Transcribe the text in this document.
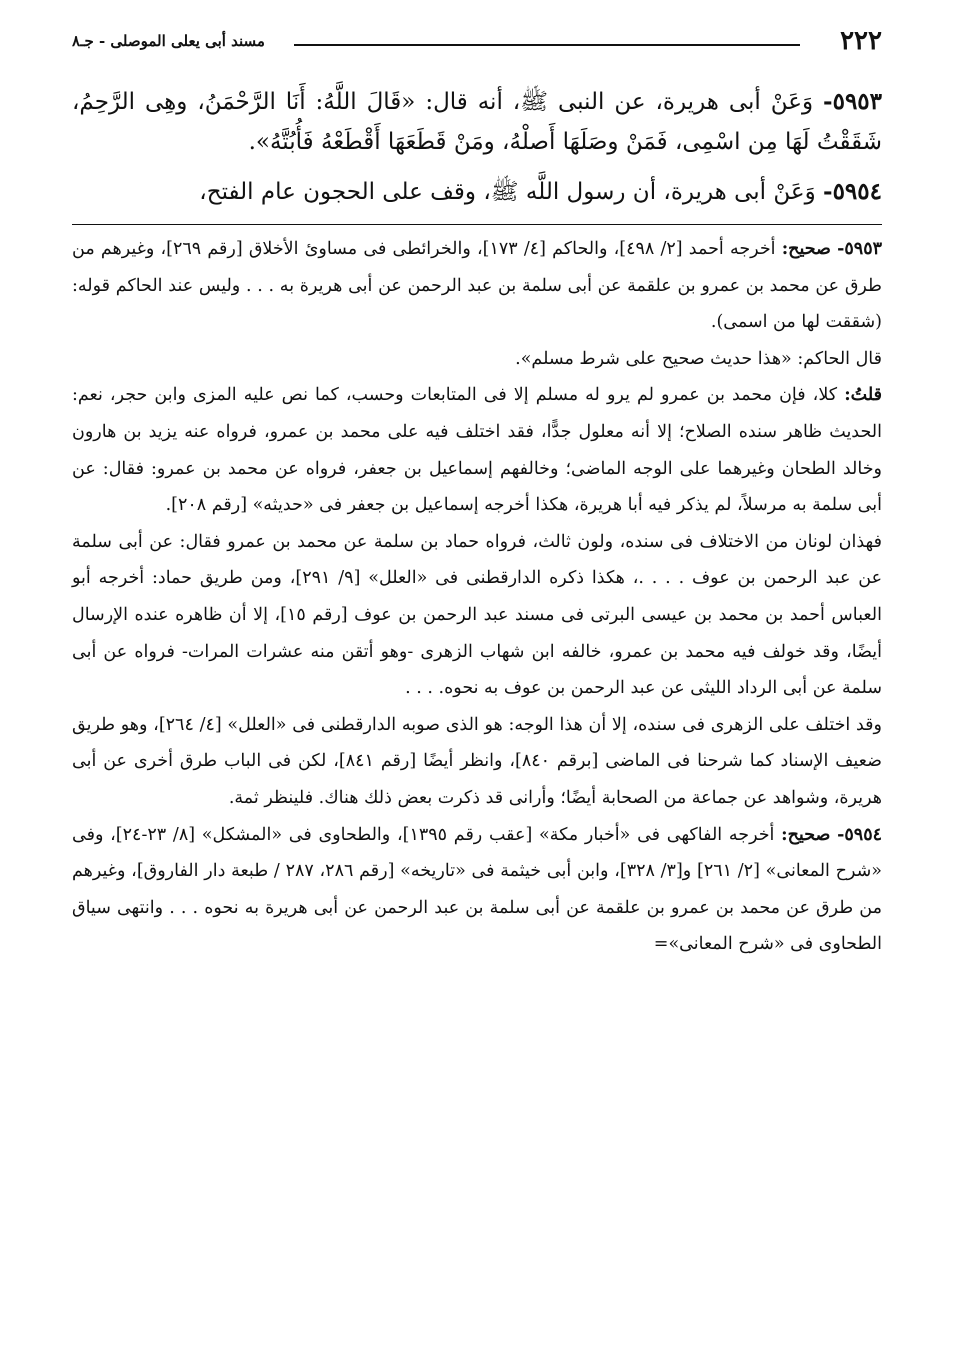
٢٢٢
مسند أبى يعلى الموصلى - جـ٨

٥٩٥٣- وَعَنْ أبى هريرة، عن النبى ﷺ، أنه قال: «قَالَ اللَّهُ: أَنَا الرَّحْمَنُ، وهِى الرَّحِمُ، شَقَقْتُ لَهَا مِن اسْمِى، فَمَنْ وصَلَهَا أَصلْهُ، ومَنْ قَطَعَهَا أَقْطَعْهُ فَأُبُتَّهُ».

٥٩٥٤- وَعَنْ أبى هريرة، أن رسول اللَّه ﷺ، وقف على الحجون عام الفتح،

٥٩٥٣- صحيح: أخرجه أحمد [٢/ ٤٩٨]، والحاكم [٤/ ١٧٣]، والخرائطى فى مساوئ الأخلاق [رقم ٢٦٩]، وغيرهم من طرق عن محمد بن عمرو بن علقمة عن أبى سلمة بن عبد الرحمن عن أبى هريرة به . . . وليس عند الحاكم قوله: (شققت لها من اسمى).

قال الحاكم: «هذا حديث صحيح على شرط مسلم».

قلتُ: كلا، فإن محمد بن عمرو لم يرو له مسلم إلا فى المتابعات وحسب، كما نص عليه المزى وابن حجر، نعم: الحديث ظاهر سنده الصلاح؛ إلا أنه معلول جدًّا، فقد اختلف فيه على محمد بن عمرو، فرواه عنه يزيد بن هارون وخالد الطحان وغيرهما على الوجه الماضى؛ وخالفهم إسماعيل بن جعفر، فرواه عن محمد بن عمرو: فقال: عن أبى سلمة به مرسلاً، لم يذكر فيه أبا هريرة، هكذا أخرجه إسماعيل بن جعفر فى «حديثه» [رقم ٢٠٨].

فهذان لونان من الاختلاف فى سنده، ولون ثالث، فرواه حماد بن سلمة عن محمد بن عمرو فقال: عن أبى سلمة عن عبد الرحمن بن عوف . . . .، هكذا ذكره الدارقطنى فى «العلل» [٩/ ٢٩١]، ومن طريق حماد: أخرجه أبو العباس أحمد بن محمد بن عيسى البرتى فى مسند عبد الرحمن بن عوف [رقم ١٥]، إلا أن ظاهره عنده الإرسال أيضًا، وقد خولف فيه محمد بن عمرو، خالفه ابن شهاب الزهرى -وهو أتقن منه عشرات المرات- فرواه عن أبى سلمة عن أبى الرداد الليثى عن عبد الرحمن بن عوف به نحوه. . . .

وقد اختلف على الزهرى فى سنده، إلا أن هذا الوجه: هو الذى صوبه الدارقطنى فى «العلل» [٤/ ٢٦٤]، وهو طريق ضعيف الإسناد كما شرحنا فى الماضى [برقم ٨٤٠]، وانظر أيضًا [رقم ٨٤١]، لكن فى الباب طرق أخرى عن أبى هريرة، وشواهد عن جماعة من الصحابة أيضًا؛ وأرانى قد ذكرت بعض ذلك هناك. فلينظر ثمة.

٥٩٥٤- صحيح: أخرجه الفاكهى فى «أخبار مكة» [عقب رقم ١٣٩٥]، والطحاوى فى «المشكل» [٨/ ٢٣-٢٤]، وفى «شرح المعانى» [٢/ ٢٦١] و[٣/ ٣٢٨]، وابن أبى خيثمة فى «تاريخه» [رقم ٢٨٦، ٢٨٧ / طبعة دار الفاروق]، وغيرهم من طرق عن محمد بن عمرو بن علقمة عن أبى سلمة بن عبد الرحمن عن أبى هريرة به نحوه . . . وانتهى سياق الطحاوى فى «شرح المعانى»=
